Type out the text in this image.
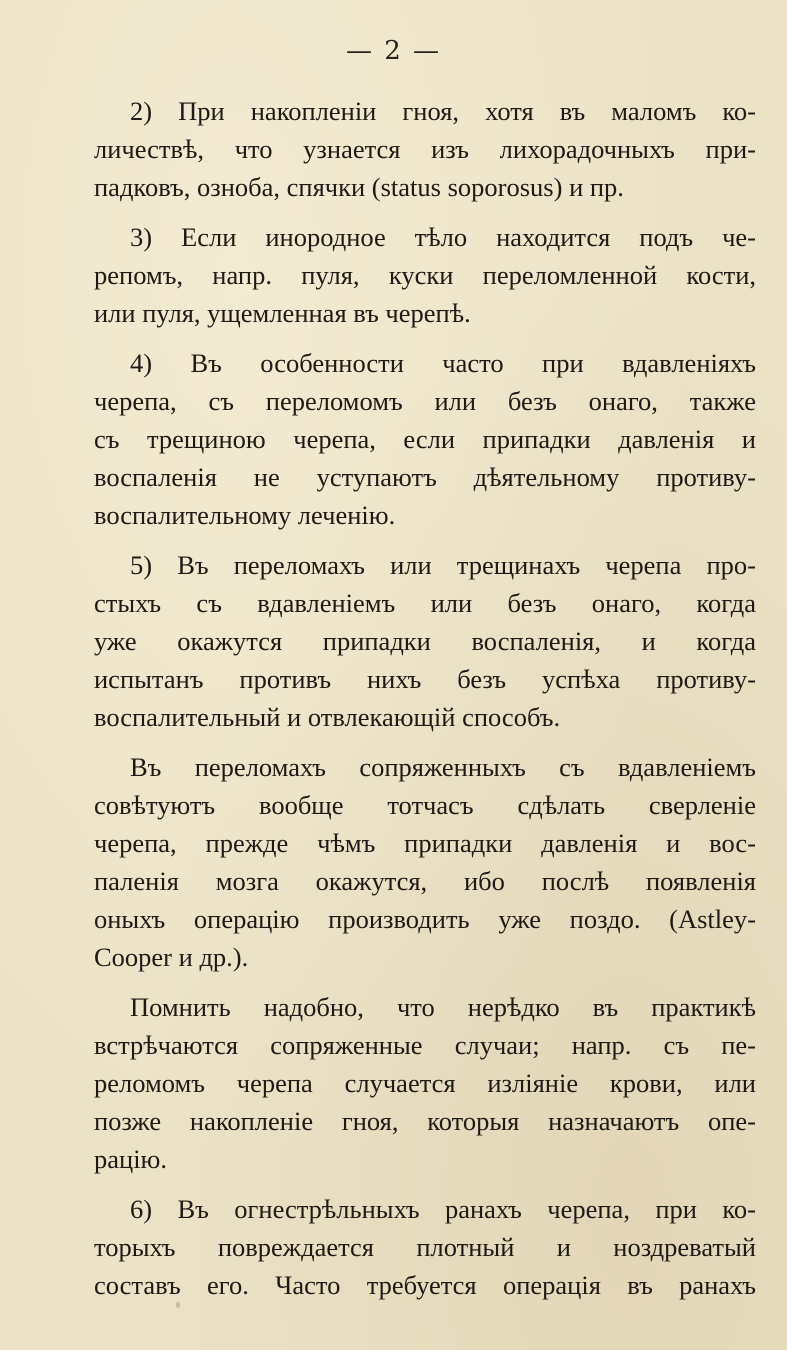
— 2 —
2) При накопленіи гноя, хотя въ маломъ ко-
личествѣ, что узнается изъ лихорадочныхъ при-
падковъ, озноба, спячки (status soporosus) и пр.
3) Если инородное тѣло находится подъ че-
репомъ, напр. пуля, куски переломленной кости,
или пуля, ущемленная въ черепѣ.
4) Въ особенности часто при вдавленіяхъ
черепа, съ переломомъ или безъ онаго, также
съ трещиною черепа, если припадки давленія и
воспаленія не уступаютъ дѣятельному противу-
воспалительному леченію.
5) Въ переломахъ или трещинахъ черепа про-
стыхъ съ вдавленіемъ или безъ онаго, когда
уже окажутся припадки воспаленія, и когда
испытанъ противъ нихъ безъ успѣха противу-
воспалительный и отвлекающій способъ.
Въ переломахъ сопряженныхъ съ вдавленіемъ
совѣтуютъ вообще тотчасъ сдѣлать сверленіе
черепа, прежде чѣмъ припадки давленія и вос-
паленія мозга окажутся, ибо послѣ появленія
оныхъ операцію производить уже поздо. (Astley-
Cooper и др.).
Помнить надобно, что нерѣдко въ практикѣ
встрѣчаются сопряженные случаи; напр. съ пе-
реломомъ черепа случается изліяніе крови, или
позже накопленіе гноя, которыя назначаютъ опе-
рацію.
6) Въ огнестрѣльныхъ ранахъ черепа, при ко-
торыхъ повреждается плотный и ноздреватый
составъ его. Часто требуется операція въ ранахъ
